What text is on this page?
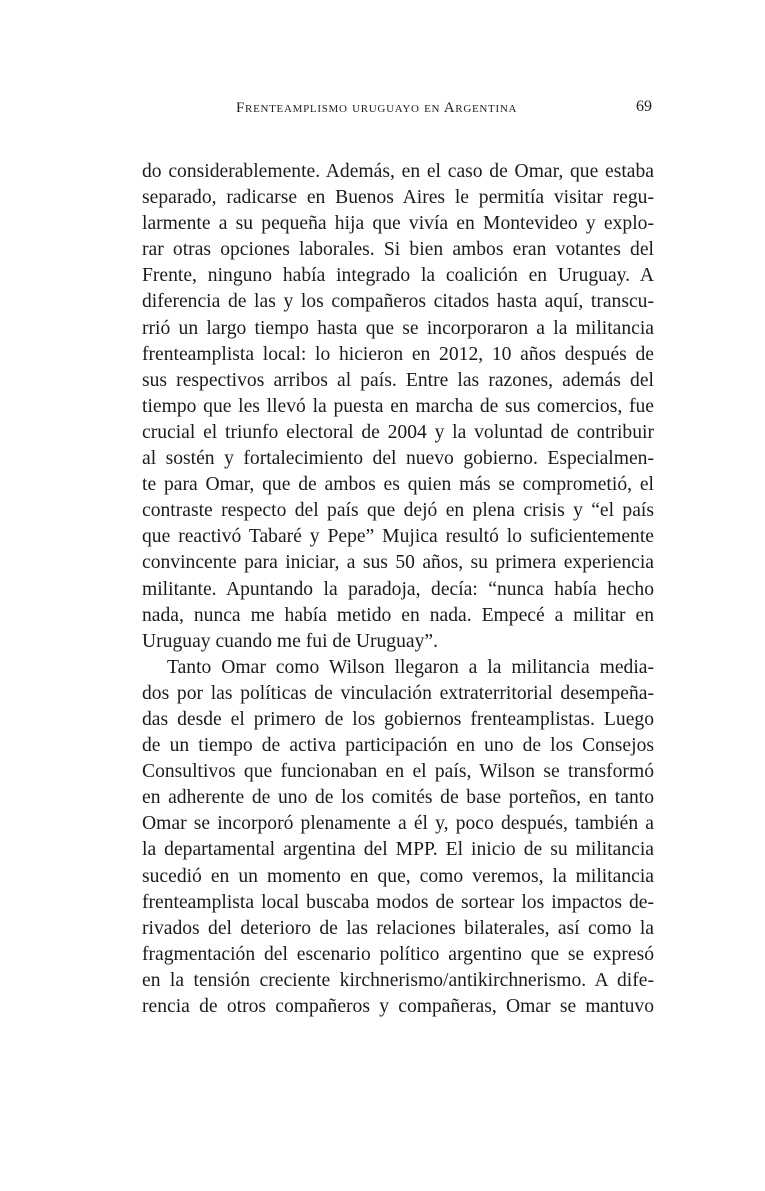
Frenteamplismo uruguayo en Argentina	69
do considerablemente. Además, en el caso de Omar, que estaba
separado, radicarse en Buenos Aires le permitía visitar regu-
larmente a su pequeña hija que vivía en Montevideo y explo-
rar otras opciones laborales. Si bien ambos eran votantes del
Frente, ninguno había integrado la coalición en Uruguay. A
diferencia de las y los compañeros citados hasta aquí, transcu-
rrió un largo tiempo hasta que se incorporaron a la militancia
frenteamplista local: lo hicieron en 2012, 10 años después de
sus respectivos arribos al país. Entre las razones, además del
tiempo que les llevó la puesta en marcha de sus comercios, fue
crucial el triunfo electoral de 2004 y la voluntad de contribuir
al sostén y fortalecimiento del nuevo gobierno. Especialmen-
te para Omar, que de ambos es quien más se comprometió, el
contraste respecto del país que dejó en plena crisis y “el país
que reactivó Tabaré y Pepe” Mujica resultó lo suficientemente
convincente para iniciar, a sus 50 años, su primera experiencia
militante. Apuntando la paradoja, decía: “nunca había hecho
nada, nunca me había metido en nada. Empecé a militar en
Uruguay cuando me fui de Uruguay”.
Tanto Omar como Wilson llegaron a la militancia media-
dos por las políticas de vinculación extraterritorial desempeña-
das desde el primero de los gobiernos frenteamplistas. Luego
de un tiempo de activa participación en uno de los Consejos
Consultivos que funcionaban en el país, Wilson se transformó
en adherente de uno de los comités de base porteños, en tanto
Omar se incorporó plenamente a él y, poco después, también a
la departamental argentina del MPP. El inicio de su militancia
sucedió en un momento en que, como veremos, la militancia
frenteamplista local buscaba modos de sortear los impactos de-
rivados del deterioro de las relaciones bilaterales, así como la
fragmentación del escenario político argentino que se expresó
en la tensión creciente kirchnerismo/antikirchnerismo. A dife-
rencia de otros compañeros y compañeras, Omar se mantuvo
